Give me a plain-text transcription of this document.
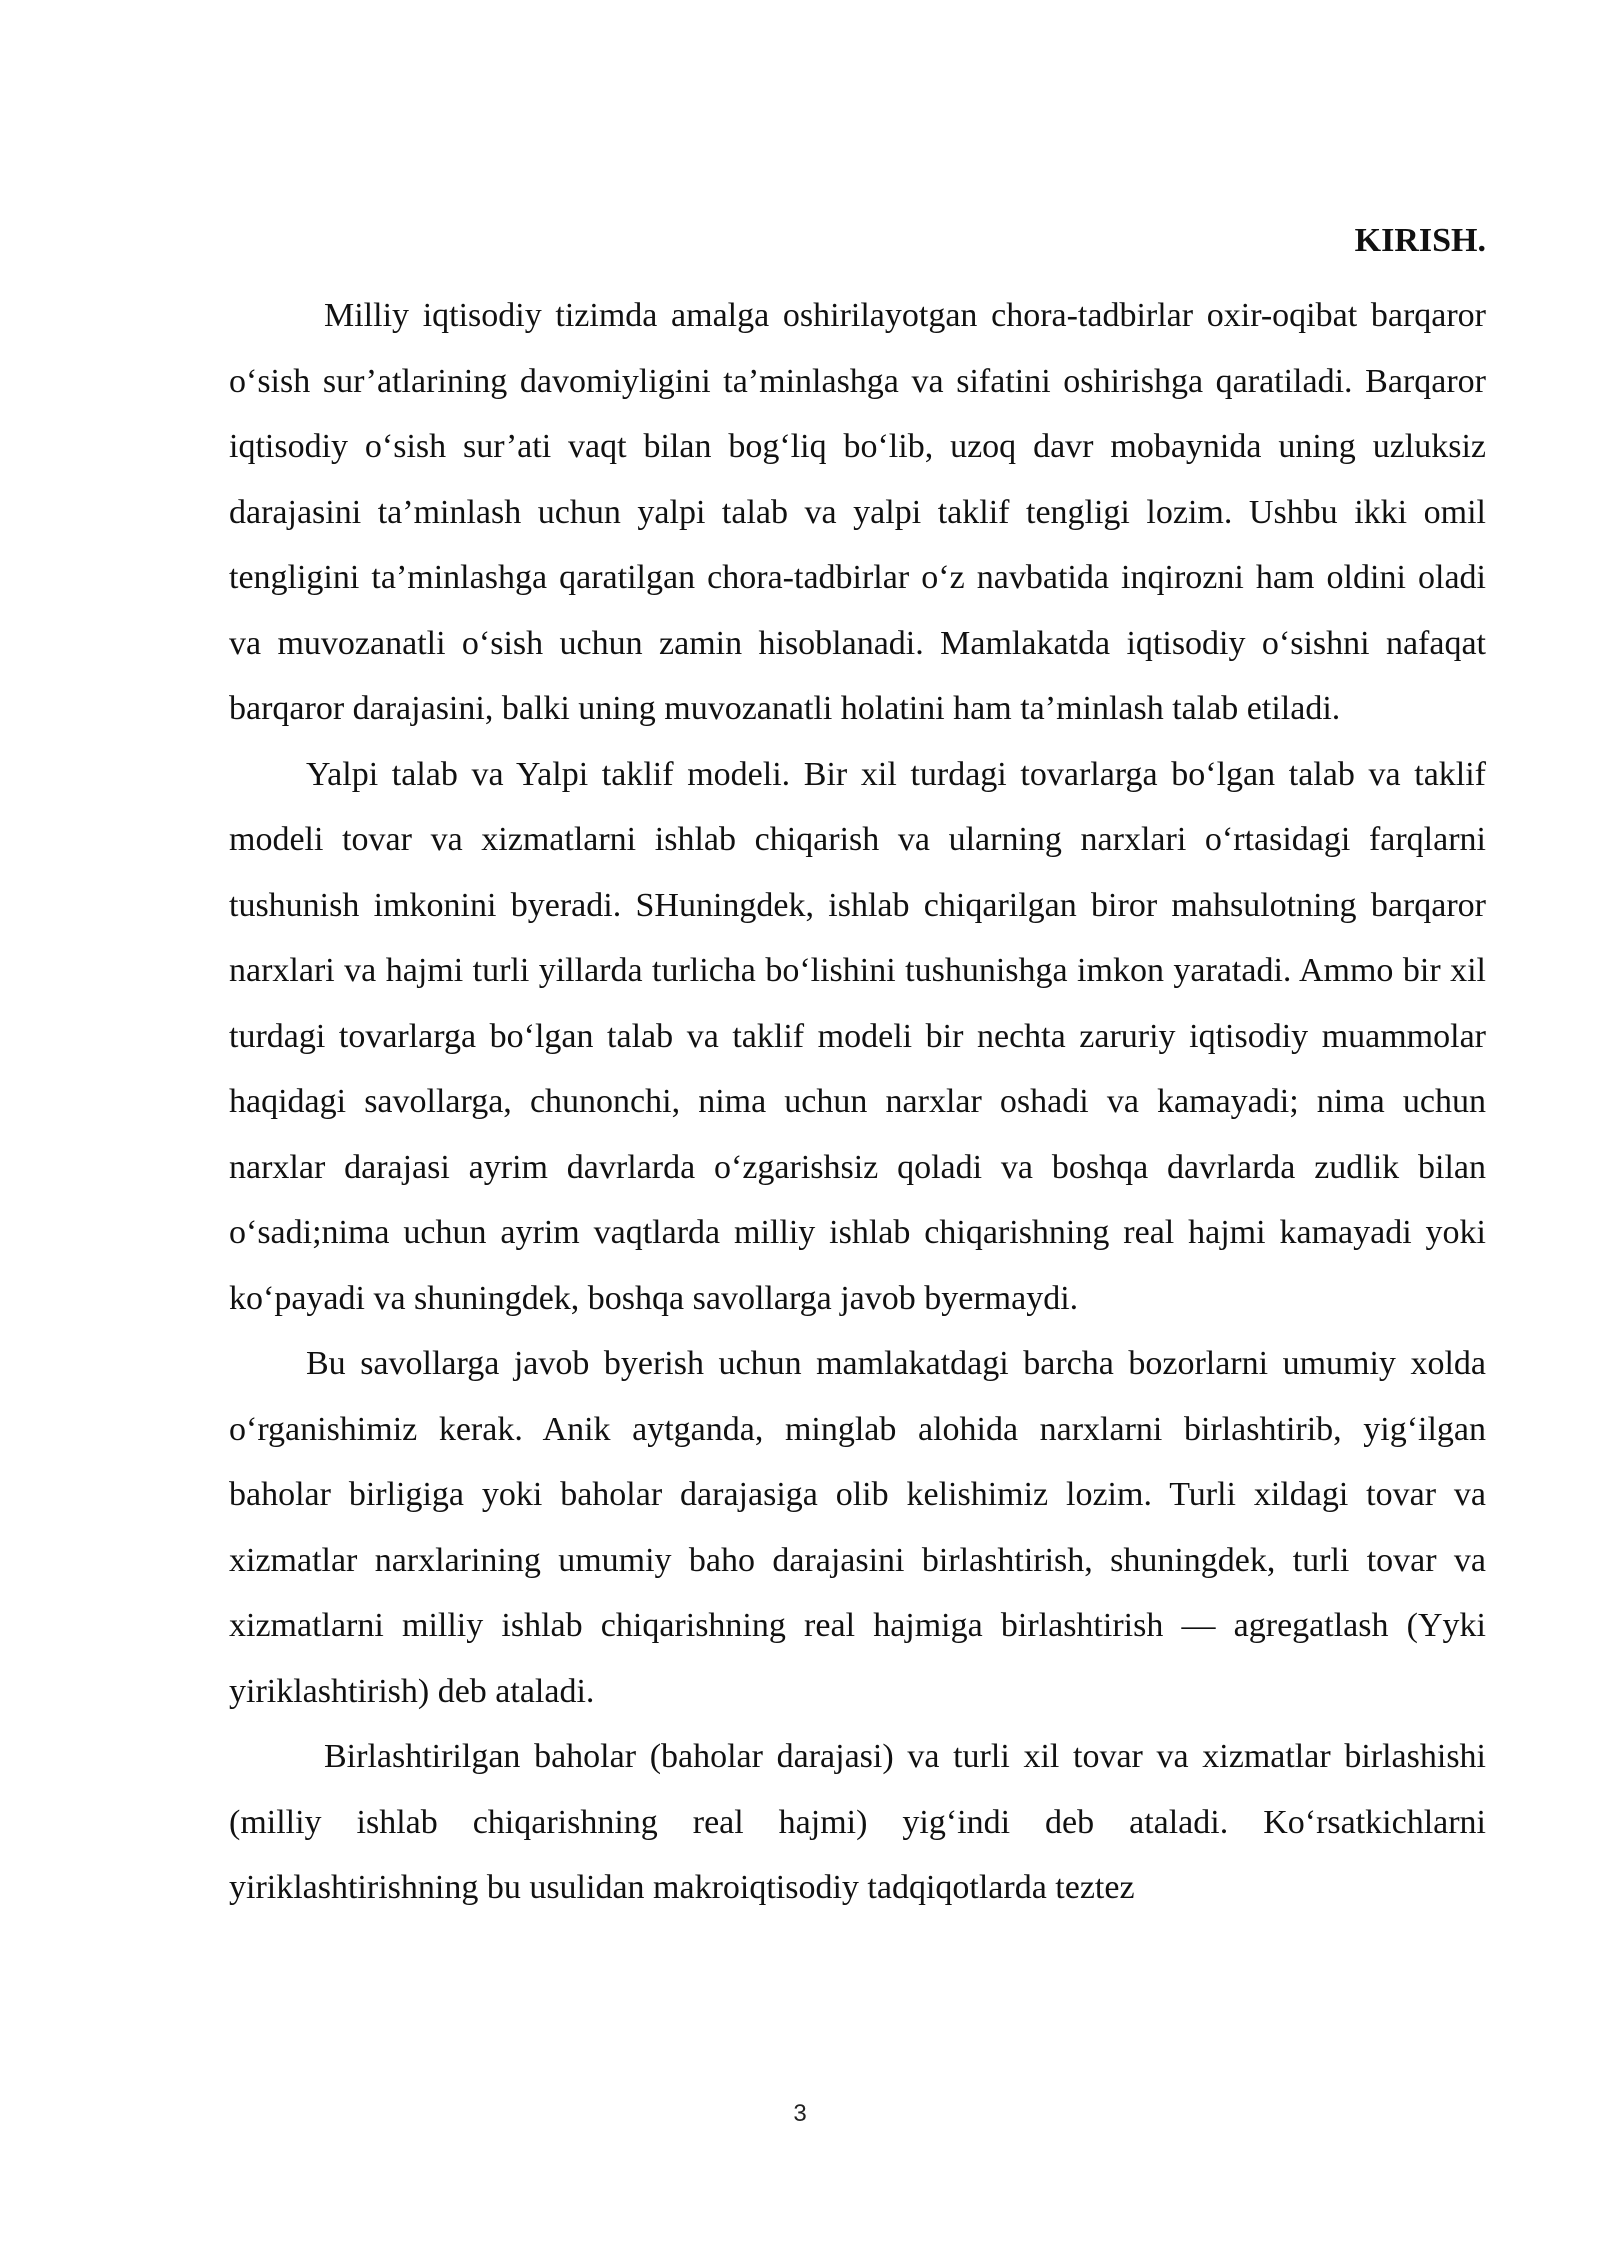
KIRISH.

Milliy iqtisodiy tizimda amalga oshirilayotgan chora-tadbirlar oxir-oqibat barqaror o‘sish sur’atlarining davomiyligini ta’minlashga va sifatini oshirishga qaratiladi. Barqaror iqtisodiy o‘sish sur’ati vaqt bilan bog‘liq bo‘lib, uzoq davr mobaynida uning uzluksiz darajasini ta’minlash uchun yalpi talab va yalpi taklif tengligi lozim. Ushbu ikki omil tengligini ta’minlashga qaratilgan chora-tadbirlar o‘z navbatida inqirozni ham oldini oladi va muvozanatli o‘sish uchun zamin hisoblanadi. Mamlakatda iqtisodiy o‘sishni nafaqat barqaror darajasini, balki uning muvozanatli holatini ham ta’minlash talab etiladi.

Yalpi talab va Yalpi taklif modeli. Bir xil turdagi tovarlarga bo‘lgan talab va taklif modeli tovar va xizmatlarni ishlab chiqarish va ularning narxlari o‘rtasidagi farqlarni tushunish imkonini byeradi. SHuningdek, ishlab chiqarilgan biror mahsulotning barqaror narxlari va hajmi turli yillarda turlicha bo‘lishini tushunishga imkon yaratadi. Ammo bir xil turdagi tovarlarga bo‘lgan talab va taklif modeli bir nechta zaruriy iqtisodiy muammolar haqidagi savollarga, chunonchi, nima uchun narxlar oshadi va kamayadi; nima uchun narxlar darajasi ayrim davrlarda o‘zgarishsiz qoladi va boshqa davrlarda zudlik bilan o‘sadi;nima uchun ayrim vaqtlarda milliy ishlab chiqarishning real hajmi kamayadi yoki ko‘payadi va shuningdek, boshqa savollarga javob byermaydi.

Bu savollarga javob byerish uchun mamlakatdagi barcha bozorlarni umumiy xolda o‘rganishimiz kerak. Anik aytganda, minglab alohida narxlarni birlashtirib, yig‘ilgan baholar birligiga yoki baholar darajasiga olib kelishimiz lozim. Turli xildagi tovar va xizmatlar narxlarining umumiy baho darajasini birlashtirish, shuningdek, turli tovar va xizmatlarni milliy ishlab chiqarishning real hajmiga birlashtirish — agregatlash (Yyki yiriklashtirish) deb ataladi.

Birlashtirilgan baholar (baholar darajasi) va turli xil tovar va xizmatlar birlashishi (milliy ishlab chiqarishning real hajmi) yig‘indi deb ataladi. Ko‘rsatkichlarni yiriklashtirishning bu usulidan makroiqtisodiy tadqiqotlarda teztez

3
